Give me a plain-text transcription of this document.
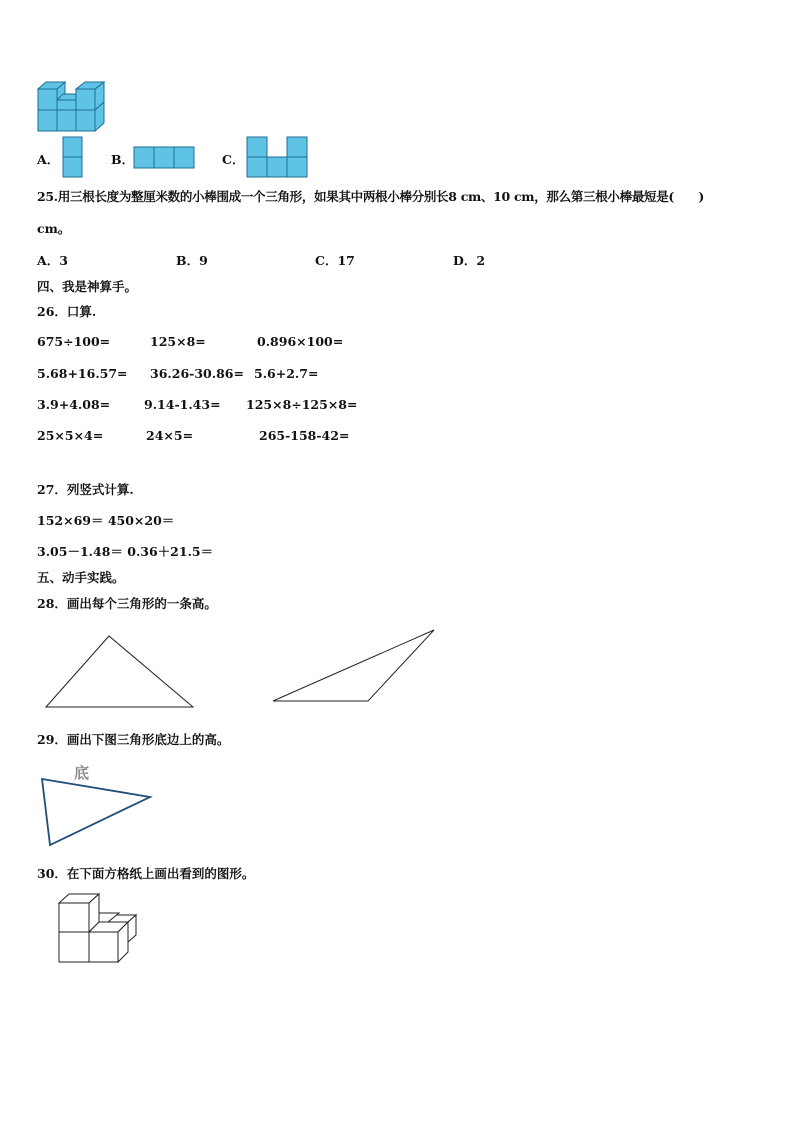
A．	B．	C．
25.用三根长度为整厘米数的小棒围成一个三角形，如果其中两根小棒分别长8 cm、10 cm，那么第三根小棒最短是(　　)
cm。
A．3	B．9	C．17	D．2
四、我是神算手。
26．口算.
675÷100=	125×8=	0.896×100=
5.68+16.57= 36.26-30.86= 5.6+2.7=
3.9+4.08=	9.14-1.43= 125×8÷125×8=
25×5×4=	24×5=	265-158-42=
27．列竖式计算.
152×69＝ 450×20＝
3.05－1.48＝ 0.36＋21.5＝
五、动手实践。
28．画出每个三角形的一条高。
29．画出下图三角形底边上的高。
底
30．在下面方格纸上画出看到的图形。
